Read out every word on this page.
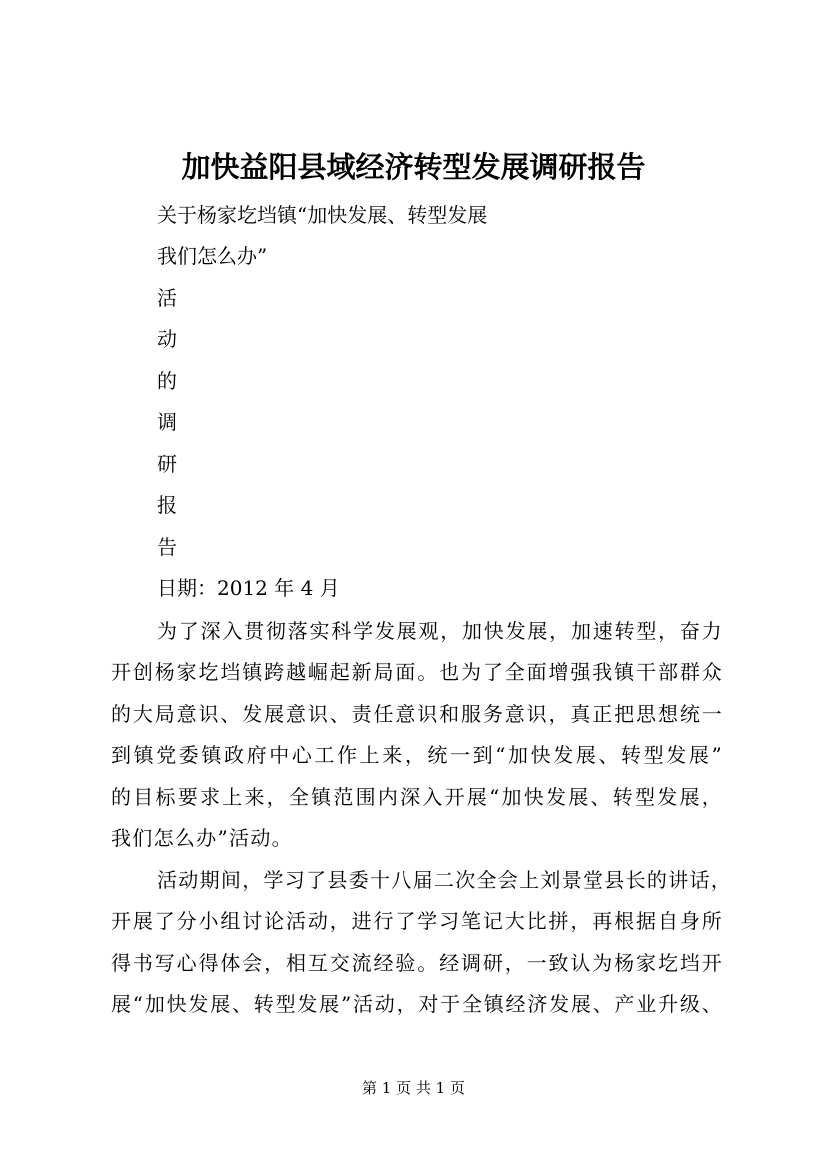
加快益阳县域经济转型发展调研报告
关于杨家圪垱镇“加快发展、转型发展
我们怎么办”
活
动
的
调
研
报
告
日期：2012 年 4 月
为了深入贯彻落实科学发展观，加快发展，加速转型，奋力
开创杨家圪垱镇跨越崛起新局面。也为了全面增强我镇干部群众
的大局意识、发展意识、责任意识和服务意识，真正把思想统一
到镇党委镇政府中心工作上来，统一到“加快发展、转型发展”
的目标要求上来，全镇范围内深入开展“加快发展、转型发展，
我们怎么办”活动。
活动期间，学习了县委十八届二次全会上刘景堂县长的讲话，
开展了分小组讨论活动，进行了学习笔记大比拼，再根据自身所
得书写心得体会，相互交流经验。经调研，一致认为杨家圪垱开
展“加快发展、转型发展”活动，对于全镇经济发展、产业升级、
第 1 页 共 1 页
